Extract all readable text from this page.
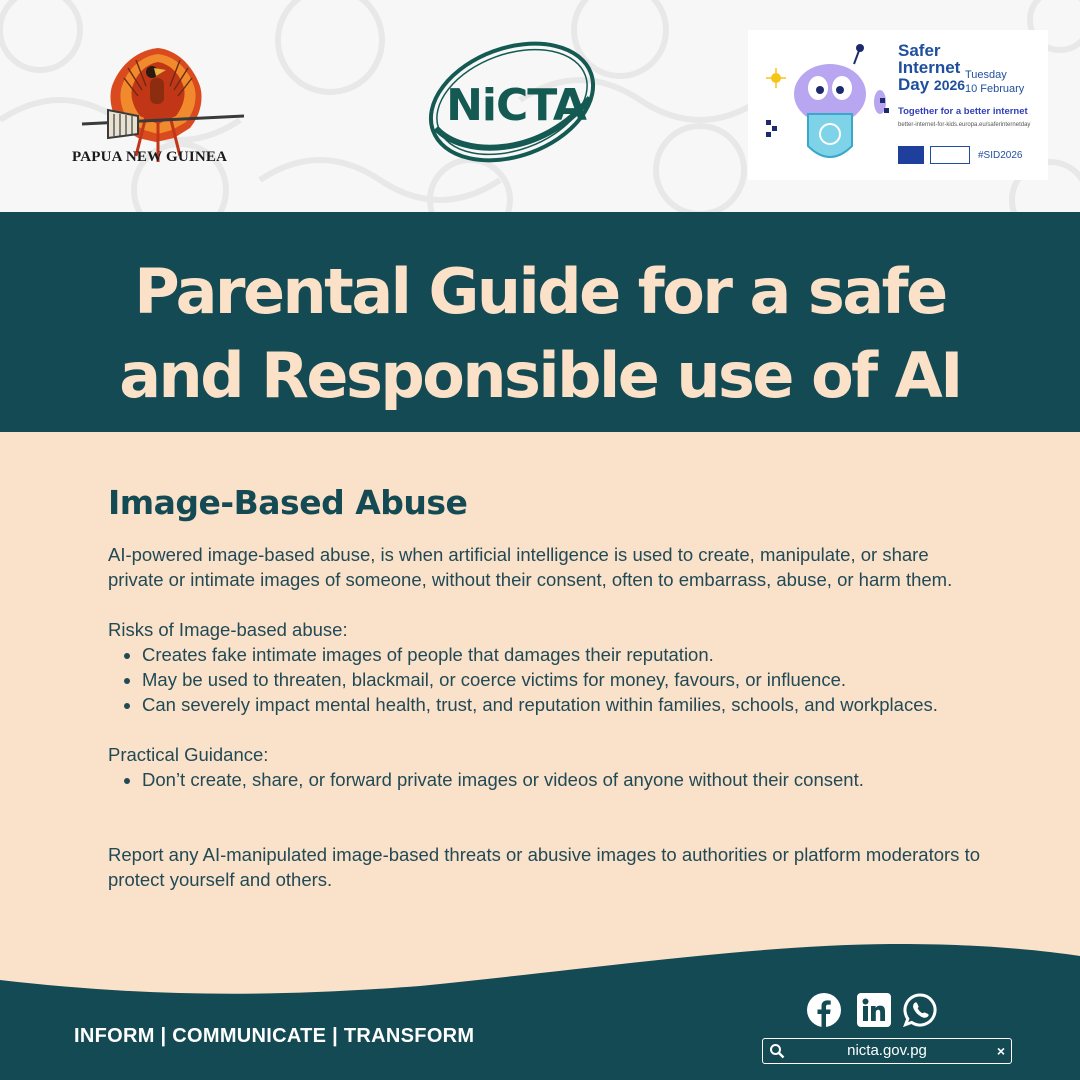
PAPUA NEW GUINEA
NiCTA
Safer
Internet
Day 2026
Tuesday
10 February
Together for a better internet
better-internet-for-kids.europa.eu/saferinternetday
#SID2026
Parental Guide for a safe
and Responsible use of AI
Image-Based Abuse

AI-powered image-based abuse, is when artificial intelligence is used to create, manipulate, or share private or intimate images of someone, without their consent, often to embarrass, abuse, or harm them.

Risks of Image-based abuse:

• Creates fake intimate images of people that damages their reputation.
• May be used to threaten, blackmail, or coerce victims for money, favours, or influence.
• Can severely impact mental health, trust, and reputation within families, schools, and workplaces.

Practical Guidance:

• Don’t create, share, or forward private images or videos of anyone without their consent.

Report any AI-manipulated image-based threats or abusive images to authorities or platform moderators to protect yourself and others.

INFORM | COMMUNICATE | TRANSFORM
nicta.gov.pg	×
